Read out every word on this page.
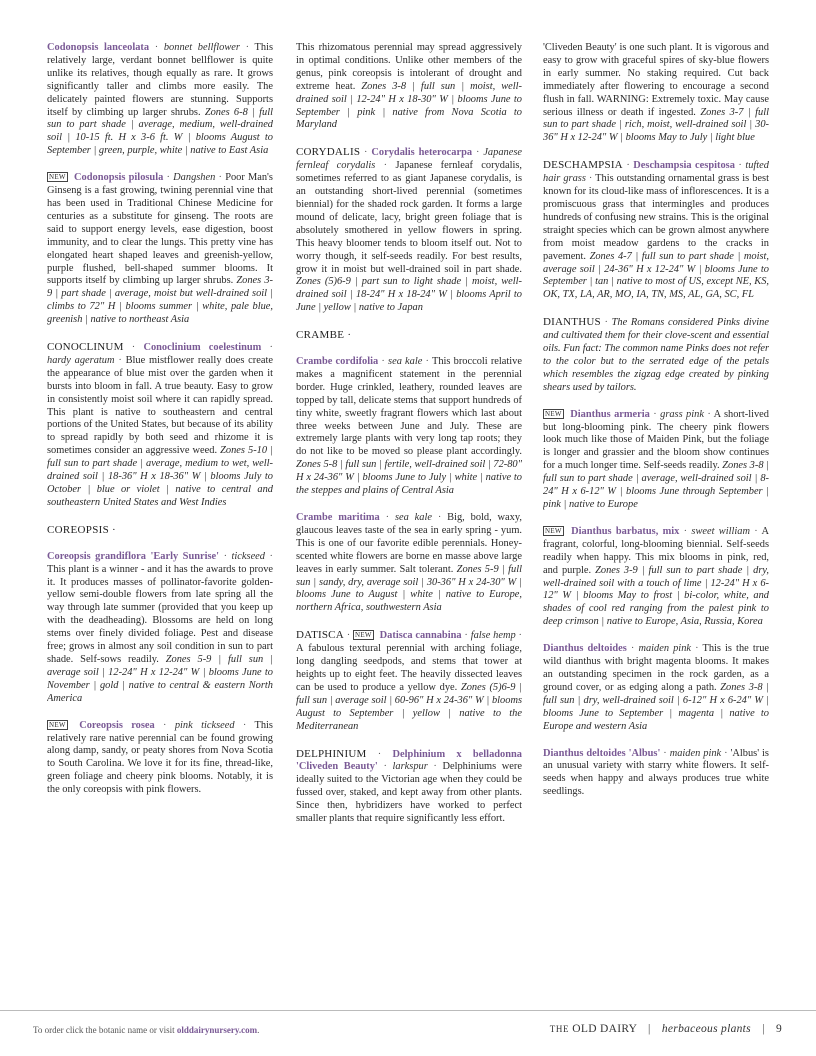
Codonopsis lanceolata · bonnet bellflower · This relatively large, verdant bonnet bellflower is quite unlike its relatives, though equally as rare. It grows significantly taller and climbs more easily. The delicately painted flowers are stunning. Supports itself by climbing up larger shrubs. Zones 6-8 | full sun to part shade | average, medium, well-drained soil | 10-15 ft. H x 3-6 ft. W | blooms August to September | green, purple, white | native to East Asia

NEW Codonopsis pilosula · Dangshen · Poor Man's Ginseng is a fast growing, twining perennial vine that has been used in Traditional Chinese Medicine for centuries as a substitute for ginseng. The roots are said to support energy levels, ease digestion, boost immunity, and to clear the lungs. This pretty vine has elongated heart shaped leaves and greenish-yellow, purple flushed, bell-shaped summer blooms. It supports itself by climbing up larger shrubs. Zones 3-9 | part shade | average, moist but well-drained soil | climbs to 72" H | blooms summer | white, pale blue, greenish | native to northeast Asia

CONOCLINUM · Conoclinium coelestinum · hardy ageratum · Blue mistflower really does create the appearance of blue mist over the garden when it bursts into bloom in fall. A true beauty. Easy to grow in consistently moist soil where it can rapidly spread. This plant is native to southeastern and central portions of the United States, but because of its ability to spread rapidly by both seed and rhizome it is sometimes consider an aggressive weed. Zones 5-10 | full sun to part shade | average, medium to wet, well-drained soil | 18-36" H x 18-36" W | blooms July to October | blue or violet | native to central and southeastern United States and West Indies

COREOPSIS ·

Coreopsis grandiflora 'Early Sunrise' · tickseed · This plant is a winner - and it has the awards to prove it. It produces masses of pollinator-favorite golden-yellow semi-double flowers from late spring all the way through late summer (provided that you keep up with the deadheading). Blossoms are held on long stems over finely divided foliage. Pest and disease free; grows in almost any soil condition in sun to part shade. Self-sows readily. Zones 5-9 | full sun | average soil | 12-24" H x 12-24" W | blooms June to November | gold | native to central & eastern North America

NEW Coreopsis rosea · pink tickseed · This relatively rare native perennial can be found growing along damp, sandy, or peaty shores from Nova Scotia to South Carolina. We love it for its fine, thread-like, green foliage and cheery pink blooms. Notably, it is the only coreopsis with pink flowers.

This rhizomatous perennial may spread aggressively in optimal conditions. Unlike other members of the genus, pink coreopsis is intolerant of drought and extreme heat. Zones 3-8 | full sun | moist, well-drained soil | 12-24" H x 18-30" W | blooms June to September | pink | native from Nova Scotia to Maryland

CORYDALIS · Corydalis heterocarpa · Japanese fernleaf corydalis · Japanese fernleaf corydalis, sometimes referred to as giant Japanese corydalis, is an outstanding short-lived perennial (sometimes biennial) for the shaded rock garden. It forms a large mound of delicate, lacy, bright green foliage that is absolutely smothered in yellow flowers in spring. This heavy bloomer tends to bloom itself out. Not to worry though, it self-seeds readily. For best results, grow it in moist but well-drained soil in part shade. Zones (5)6-9 | part sun to light shade | moist, well-drained soil | 18-24" H x 18-24" W | blooms April to June | yellow | native to Japan

CRAMBE ·

Crambe cordifolia · sea kale · This broccoli relative makes a magnificent statement in the perennial border. Huge crinkled, leathery, rounded leaves are topped by tall, delicate stems that support hundreds of tiny white, sweetly fragrant flowers which last about three weeks between June and July. These are extremely large plants with very long tap roots; they do not like to be moved so please plant accordingly. Zones 5-8 | full sun | fertile, well-drained soil | 72-80" H x 24-36" W | blooms June to July | white | native to the steppes and plains of Central Asia

Crambe maritima · sea kale · Big, bold, waxy, glaucous leaves taste of the sea in early spring - yum. This is one of our favorite edible perennials. Honey-scented white flowers are borne en masse above large leaves in early summer. Salt tolerant. Zones 5-9 | full sun | sandy, dry, average soil | 30-36" H x 24-30" W | blooms June to August | white | native to Europe, northern Africa, southwestern Asia

DATISCA · NEW Datisca cannabina · false hemp · A fabulous textural perennial with arching foliage, long dangling seedpods, and stems that tower at heights up to eight feet. The heavily dissected leaves can be used to produce a yellow dye. Zones (5)6-9 | full sun | average soil | 60-96" H x 24-36" W | blooms August to September | yellow | native to the Mediterranean

DELPHINIUM · Delphinium x belladonna 'Cliveden Beauty' · larkspur · Delphiniums were ideally suited to the Victorian age when they could be fussed over, staked, and kept away from other plants. Since then, hybridizers have worked to perfect smaller plants that require significantly less effort.

'Cliveden Beauty' is one such plant. It is vigorous and easy to grow with graceful spires of sky-blue flowers in early summer. No staking required. Cut back immediately after flowering to encourage a second flush in fall. WARNING: Extremely toxic. May cause serious illness or death if ingested. Zones 3-7 | full sun to part shade | rich, moist, well-drained soil | 30-36" H x 12-24" W | blooms May to July | light blue

DESCHAMPSIA · Deschampsia cespitosa · tufted hair grass · This outstanding ornamental grass is best known for its cloud-like mass of inflorescences. It is a promiscuous grass that intermingles and produces hundreds of confusing new strains. This is the original straight species which can be grown almost anywhere from moist meadow gardens to the cracks in pavement. Zones 4-7 | full sun to part shade | moist, average soil | 24-36" H x 12-24" W | blooms June to September | tan | native to most of US, except NE, KS, OK, TX, LA, AR, MO, IA, TN, MS, AL, GA, SC, FL

DIANTHUS · The Romans considered Pinks divine and cultivated them for their clove-scent and essential oils. Fun fact: The common name Pinks does not refer to the color but to the serrated edge of the petals which resembles the zigzag edge created by pinking shears used by tailors.

NEW Dianthus armeria · grass pink · A short-lived but long-blooming pink. The cheery pink flowers look much like those of Maiden Pink, but the foliage is longer and grassier and the bloom show continues for a much longer time. Self-seeds readily. Zones 3-8 | full sun to part shade | average, well-drained soil | 8-24" H x 6-12" W | blooms June through September | pink | native to Europe

NEW Dianthus barbatus, mix · sweet william · A fragrant, colorful, long-blooming biennial. Self-seeds readily when happy. This mix blooms in pink, red, and purple. Zones 3-9 | full sun to part shade | dry, well-drained soil with a touch of lime | 12-24" H x 6-12" W | blooms May to frost | bi-color, white, and shades of cool red ranging from the palest pink to deep crimson | native to Europe, Asia, Russia, Korea

Dianthus deltoides · maiden pink · This is the true wild dianthus with bright magenta blooms. It makes an outstanding specimen in the rock garden, as a ground cover, or as edging along a path. Zones 3-8 | full sun | dry, well-drained soil | 6-12" H x 6-24" W | blooms June to September | magenta | native to Europe and western Asia

Dianthus deltoides 'Albus' · maiden pink · 'Albus' is an unusual variety with starry white flowers. It self-seeds when happy and always produces true white seedlings.

To order click the botanic name or visit olddairynursery.com.	THE OLD DAIRY | herbaceous plants | 9
